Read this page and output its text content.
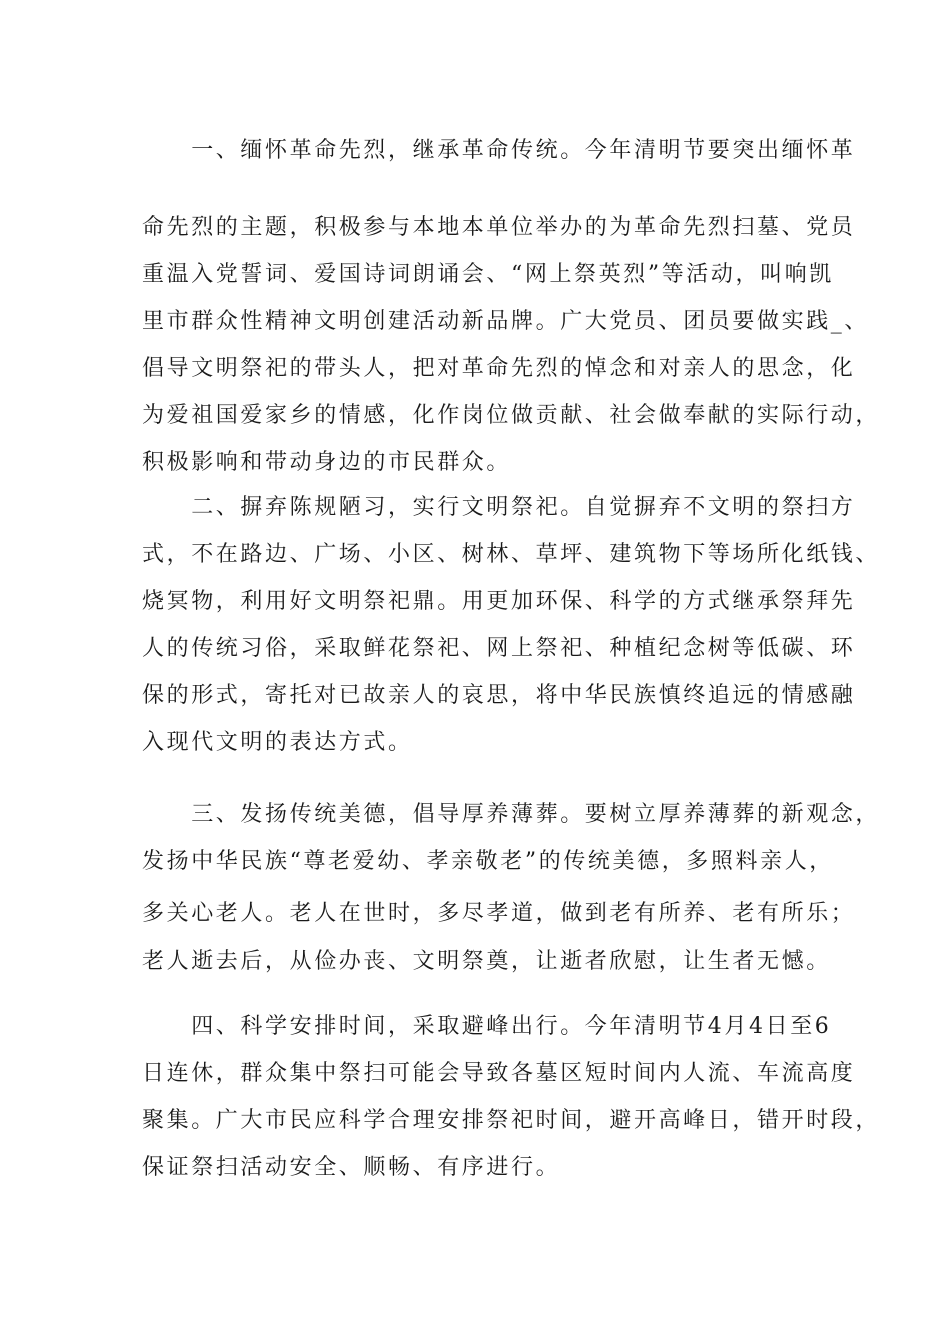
　　一、缅怀革命先烈，继承革命传统。今年清明节要突出缅怀革
命先烈的主题，积极参与本地本单位举办的为革命先烈扫墓、党员
重温入党誓词、爱国诗词朗诵会、“网上祭英烈”等活动，叫响凯
里市群众性精神文明创建活动新品牌。广大党员、团员要做实践_、
倡导文明祭祀的带头人，把对革命先烈的悼念和对亲人的思念，化
为爱祖国爱家乡的情感，化作岗位做贡献、社会做奉献的实际行动，
积极影响和带动身边的市民群众。
　　二、摒弃陈规陋习，实行文明祭祀。自觉摒弃不文明的祭扫方
式，不在路边、广场、小区、树林、草坪、建筑物下等场所化纸钱、
烧冥物，利用好文明祭祀鼎。用更加环保、科学的方式继承祭拜先
人的传统习俗，采取鲜花祭祀、网上祭祀、种植纪念树等低碳、环
保的形式，寄托对已故亲人的哀思，将中华民族慎终追远的情感融
入现代文明的表达方式。
　　三、发扬传统美德，倡导厚养薄葬。要树立厚养薄葬的新观念，
发扬中华民族“尊老爱幼、孝亲敬老”的传统美德，多照料亲人，
多关心老人。老人在世时，多尽孝道，做到老有所养、老有所乐；
老人逝去后，从俭办丧、文明祭奠，让逝者欣慰，让生者无憾。
　　四、科学安排时间，采取避峰出行。今年清明节4月4日至6
日连休，群众集中祭扫可能会导致各墓区短时间内人流、车流高度
聚集。广大市民应科学合理安排祭祀时间，避开高峰日，错开时段，
保证祭扫活动安全、顺畅、有序进行。
